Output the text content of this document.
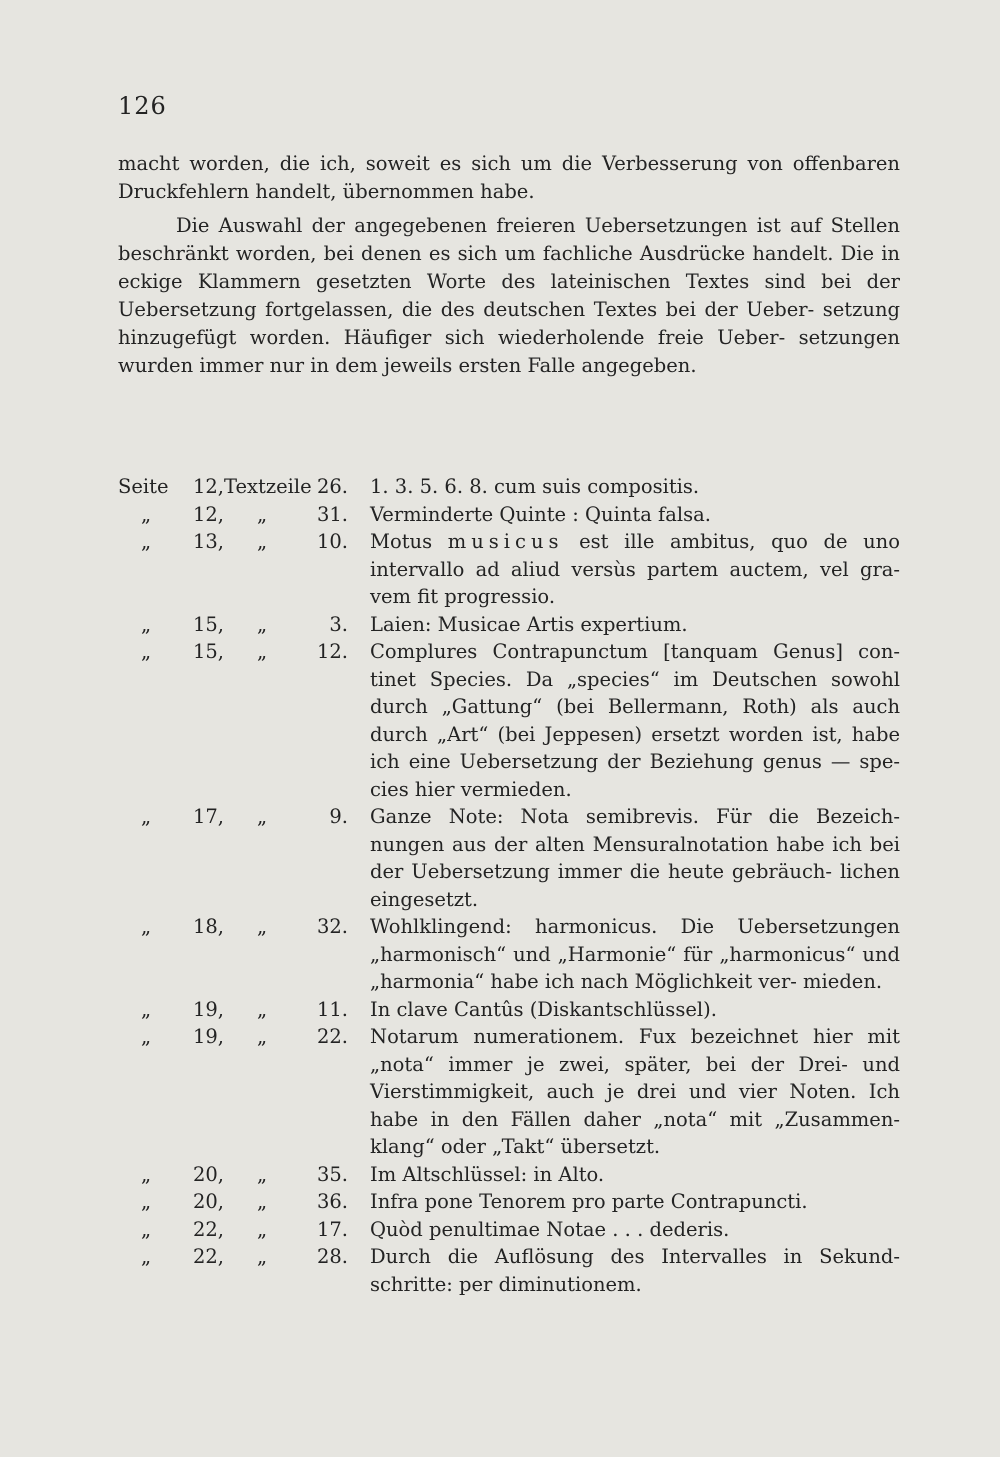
126

macht worden, die ich, soweit es sich um die Verbesserung von offenbaren Druckfehlern handelt, übernommen habe.

Die Auswahl der angegebenen freieren Uebersetzungen ist auf Stellen beschränkt worden, bei denen es sich um fachliche Ausdrücke handelt. Die in eckige Klammern gesetzten Worte des lateinischen Textes sind bei der Uebersetzung fortgelassen, die des deutschen Textes bei der Ueber- setzung hinzugefügt worden. Häufiger sich wiederholende freie Ueber- setzungen wurden immer nur in dem jeweils ersten Falle angegeben.

Seite	12, Textzeile 26.	1. 3. 5. 6. 8. cum suis compositis.
„	12,	„	31.	Verminderte Quinte : Quinta falsa.
„	13,	„	10.	Motus musicus est ille ambitus, quo de uno intervallo ad aliud versùs partem auctem, vel gra- vem fit progressio.
„	15,	„	3.	Laien: Musicae Artis expertium.
„	15,	„	12.	Complures Contrapunctum [tanquam Genus] con- tinet Species. Da „species“ im Deutschen sowohl durch „Gattung“ (bei Bellermann, Roth) als auch durch „Art“ (bei Jeppesen) ersetzt worden ist, habe ich eine Uebersetzung der Beziehung genus — spe- cies hier vermieden.
„	17,	„	9.	Ganze Note: Nota semibrevis. Für die Bezeich- nungen aus der alten Mensuralnotation habe ich bei der Uebersetzung immer die heute gebräuch- lichen eingesetzt.
„	18,	„	32.	Wohlklingend: harmonicus. Die Uebersetzungen „harmonisch“ und „Harmonie“ für „harmonicus“ und „harmonia“ habe ich nach Möglichkeit ver- mieden.
„	19,	„	11.	In clave Cantûs (Diskantschlüssel).
„	19,	„	22.	Notarum numerationem. Fux bezeichnet hier mit „nota“ immer je zwei, später, bei der Drei- und Vierstimmigkeit, auch je drei und vier Noten. Ich habe in den Fällen daher „nota“ mit „Zusammen- klang“ oder „Takt“ übersetzt.
„	20,	„	35.	Im Altschlüssel: in Alto.
„	20,	„	36.	Infra pone Tenorem pro parte Contrapuncti.
„	22,	„	17.	Quòd penultimae Notae . . . dederis.
„	22,	„	28.	Durch die Auflösung des Intervalles in Sekund- schritte: per diminutionem.
